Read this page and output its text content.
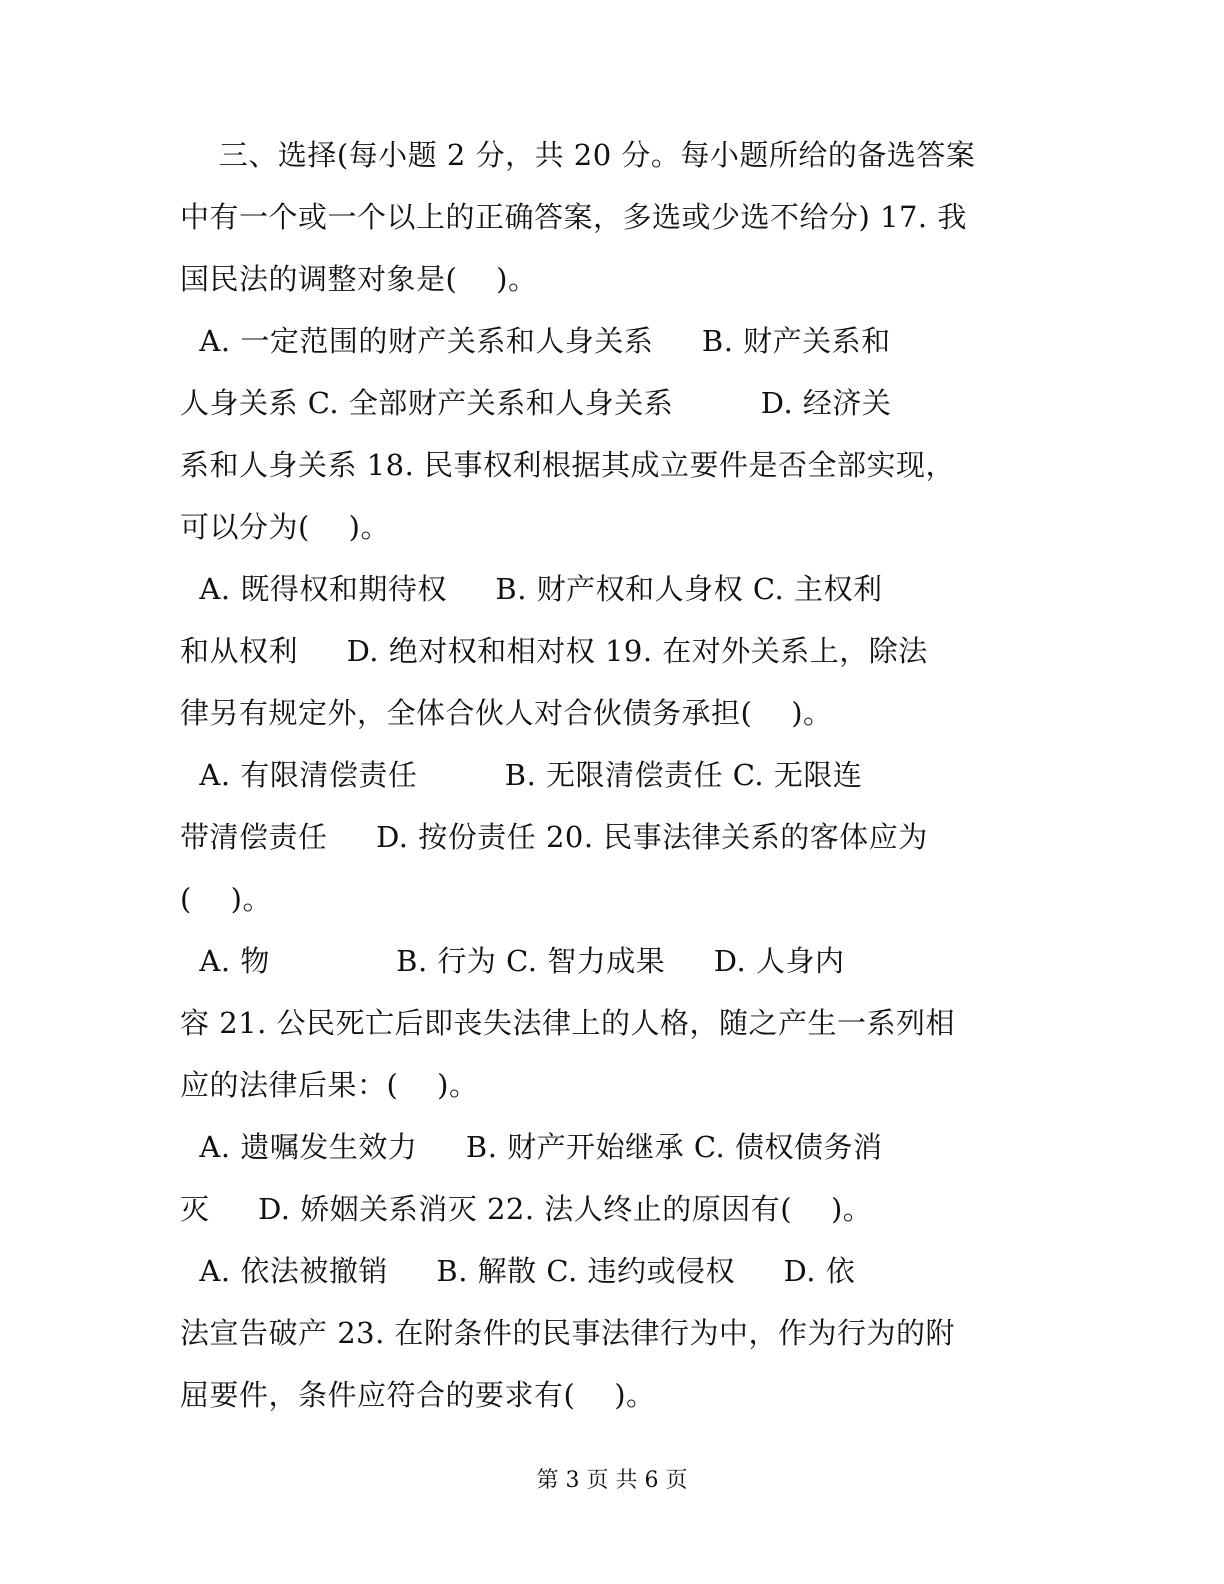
三、选择(每小题 2 分，共 20 分。每小题所给的备选答案
中有一个或一个以上的正确答案，多选或少选不给分) 17. 我
国民法的调整对象是(    )。
A. 一定范围的财产关系和人身关系     B. 财产关系和
人身关系 C. 全部财产关系和人身关系         D. 经济关
系和人身关系 18. 民事权利根据其成立要件是否全部实现，
可以分为(    )。
A. 既得权和期待权     B. 财产权和人身权 C. 主权利
和从权利     D. 绝对权和相对权 19. 在对外关系上，除法
律另有规定外，全体合伙人对合伙债务承担(    )。
A. 有限清偿责任         B. 无限清偿责任 C. 无限连
带清偿责任     D. 按份责任 20. 民事法律关系的客体应为
(    )。
A. 物             B. 行为 C. 智力成果     D. 人身内
容 21. 公民死亡后即丧失法律上的人格，随之产生一系列相
应的法律后果：(    )。
A. 遗嘱发生效力     B. 财产开始继承 C. 债权债务消
灭     D. 娇姻关系消灭 22. 法人终止的原因有(    )。
A. 依法被撤销     B. 解散 C. 违约或侵权     D. 依
法宣告破产 23. 在附条件的民事法律行为中，作为行为的附
屈要件，条件应符合的要求有(    )。
第 3 页 共 6 页
